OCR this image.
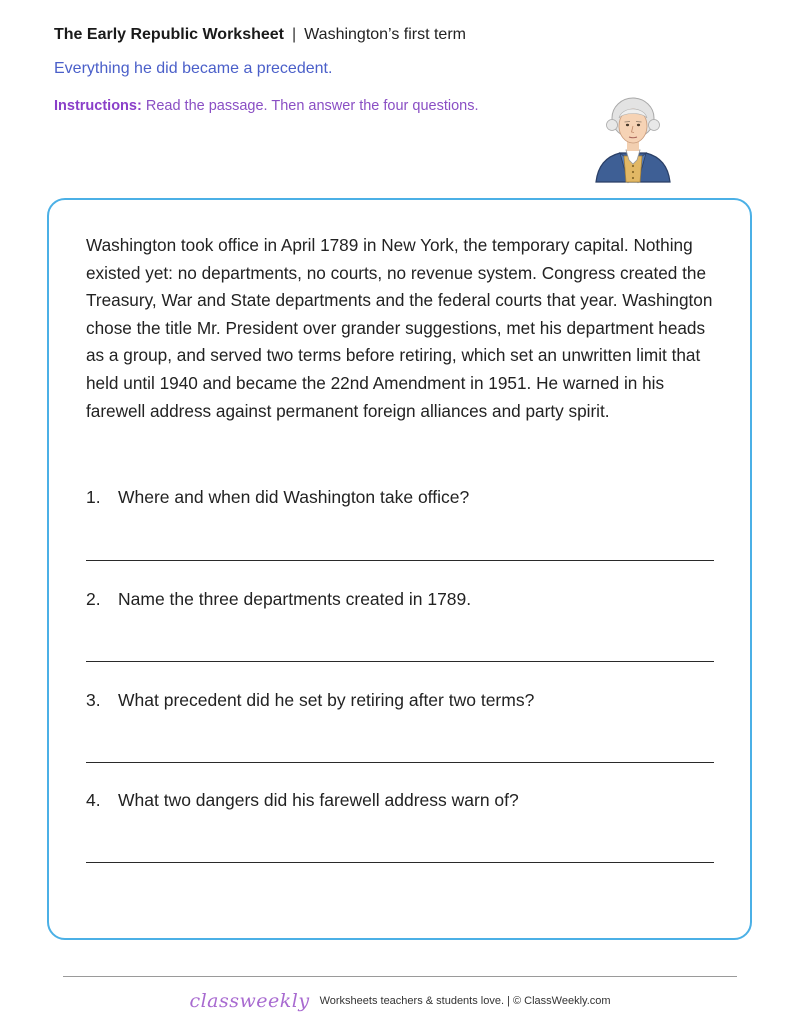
The Early Republic Worksheet | Washington’s first term
Everything he did became a precedent.
Instructions: Read the passage. Then answer the four questions.

Washington took office in April 1789 in New York, the temporary capital. Nothing existed yet: no departments, no courts, no revenue system. Congress created the Treasury, War and State departments and the federal courts that year. Washington chose the title Mr. President over grander suggestions, met his department heads as a group, and served two terms before retiring, which set an unwritten limit that held until 1940 and became the 22nd Amendment in 1951. He warned in his farewell address against permanent foreign alliances and party spirit.

1. Where and when did Washington take office?
2. Name the three departments created in 1789.
3. What precedent did he set by retiring after two terms?
4. What two dangers did his farewell address warn of?
classweekly Worksheets teachers & students love. | © ClassWeekly.com
